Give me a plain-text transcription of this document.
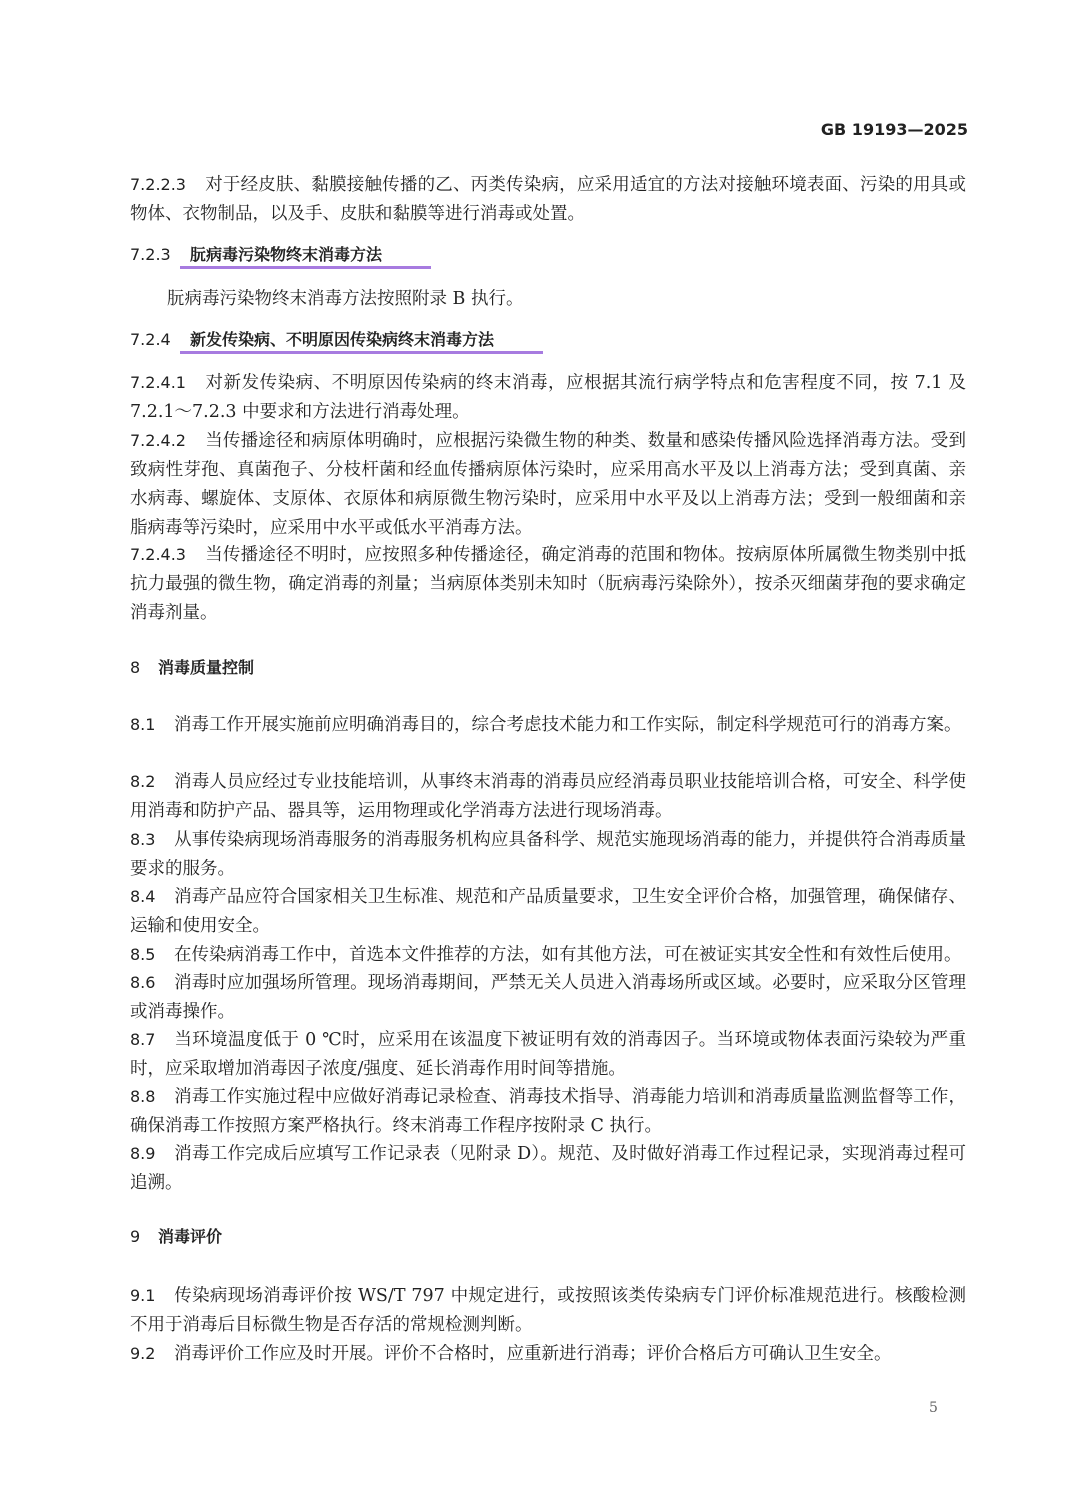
GB 19193—2025
7.2.2.3 对于经皮肤、黏膜接触传播的乙、丙类传染病，应采用适宜的方法对接触环境表面、污染的用具或物体、衣物制品，以及手、皮肤和黏膜等进行消毒或处置。
7.2.3 朊病毒污染物终末消毒方法
朊病毒污染物终末消毒方法按照附录 B 执行。
7.2.4 新发传染病、不明原因传染病终末消毒方法
7.2.4.1 对新发传染病、不明原因传染病的终末消毒，应根据其流行病学特点和危害程度不同，按 7.1 及 7.2.1～7.2.3 中要求和方法进行消毒处理。
7.2.4.2 当传播途径和病原体明确时，应根据污染微生物的种类、数量和感染传播风险选择消毒方法。受到致病性芽孢、真菌孢子、分枝杆菌和经血传播病原体污染时，应采用高水平及以上消毒方法；受到真菌、亲水病毒、螺旋体、支原体、衣原体和病原微生物污染时，应采用中水平及以上消毒方法；受到一般细菌和亲脂病毒等污染时，应采用中水平或低水平消毒方法。
7.2.4.3 当传播途径不明时，应按照多种传播途径，确定消毒的范围和物体。按病原体所属微生物类别中抵抗力最强的微生物，确定消毒的剂量；当病原体类别未知时（朊病毒污染除外），按杀灭细菌芽孢的要求确定消毒剂量。
8 消毒质量控制
8.1 消毒工作开展实施前应明确消毒目的，综合考虑技术能力和工作实际，制定科学规范可行的消毒方案。
8.2 消毒人员应经过专业技能培训，从事终末消毒的消毒员应经消毒员职业技能培训合格，可安全、科学使用消毒和防护产品、器具等，运用物理或化学消毒方法进行现场消毒。
8.3 从事传染病现场消毒服务的消毒服务机构应具备科学、规范实施现场消毒的能力，并提供符合消毒质量要求的服务。
8.4 消毒产品应符合国家相关卫生标准、规范和产品质量要求，卫生安全评价合格，加强管理，确保储存、运输和使用安全。
8.5 在传染病消毒工作中，首选本文件推荐的方法，如有其他方法，可在被证实其安全性和有效性后使用。
8.6 消毒时应加强场所管理。现场消毒期间，严禁无关人员进入消毒场所或区域。必要时，应采取分区管理或消毒操作。
8.7 当环境温度低于 0 ℃时，应采用在该温度下被证明有效的消毒因子。当环境或物体表面污染较为严重时，应采取增加消毒因子浓度/强度、延长消毒作用时间等措施。
8.8 消毒工作实施过程中应做好消毒记录检查、消毒技术指导、消毒能力培训和消毒质量监测监督等工作，确保消毒工作按照方案严格执行。终末消毒工作程序按附录 C 执行。
8.9 消毒工作完成后应填写工作记录表（见附录 D）。规范、及时做好消毒工作过程记录，实现消毒过程可追溯。
9 消毒评价
9.1 传染病现场消毒评价按 WS/T 797 中规定进行，或按照该类传染病专门评价标准规范进行。核酸检测不用于消毒后目标微生物是否存活的常规检测判断。
9.2 消毒评价工作应及时开展。评价不合格时，应重新进行消毒；评价合格后方可确认卫生安全。
5
